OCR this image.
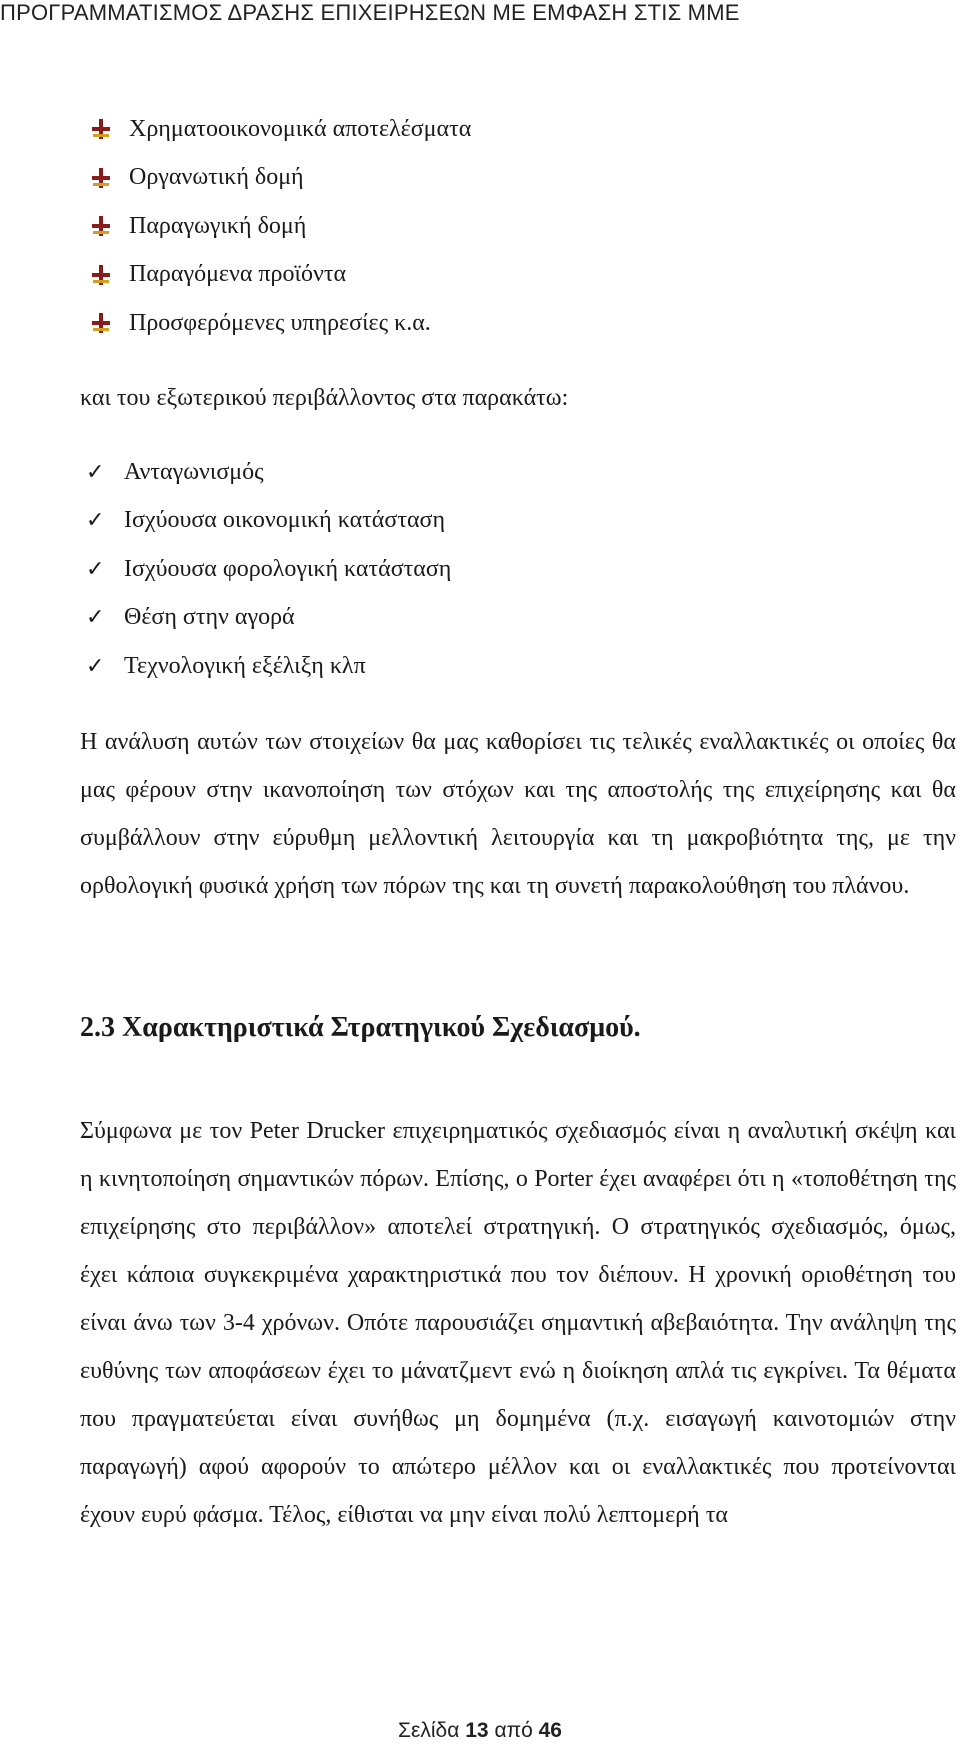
ΠΡΟΓΡΑΜΜΑΤΙΣΜΟΣ ΔΡΑΣΗΣ ΕΠΙΧΕΙΡΗΣΕΩΝ ΜΕ ΕΜΦΑΣΗ ΣΤΙΣ ΜΜΕ
Χρηματοοικονομικά αποτελέσματα
Οργανωτική δομή
Παραγωγική δομή
Παραγόμενα προϊόντα
Προσφερόμενες υπηρεσίες κ.α.

και του εξωτερικού περιβάλλοντος στα παρακάτω:

✓ Ανταγωνισμός
✓ Ισχύουσα οικονομική κατάσταση
✓ Ισχύουσα φορολογική κατάσταση
✓ Θέση στην αγορά
✓ Τεχνολογική εξέλιξη κλπ

Η ανάλυση αυτών των στοιχείων θα μας καθορίσει τις τελικές εναλλακτικές οι οποίες θα μας φέρουν στην ικανοποίηση των στόχων και της αποστολής της επιχείρησης και θα συμβάλλουν στην εύρυθμη μελλοντική λειτουργία και τη μακροβιότητα της, με την ορθολογική φυσικά χρήση των πόρων της και τη συνετή παρακολούθηση του πλάνου.

2.3 Χαρακτηριστικά Στρατηγικού Σχεδιασμού.

Σύμφωνα με τον Peter Drucker επιχειρηματικός σχεδιασμός είναι η αναλυτική σκέψη και η κινητοποίηση σημαντικών πόρων. Επίσης, ο Porter έχει αναφέρει ότι η «τοποθέτηση της επιχείρησης στο περιβάλλον» αποτελεί στρατηγική. Ο στρατηγικός σχεδιασμός, όμως, έχει κάποια συγκεκριμένα χαρακτηριστικά που τον διέπουν. Η χρονική οριοθέτηση του είναι άνω των 3-4 χρόνων. Οπότε παρουσιάζει σημαντική αβεβαιότητα. Την ανάληψη της ευθύνης των αποφάσεων έχει το μάνατζμεντ ενώ η διοίκηση απλά τις εγκρίνει. Τα θέματα που πραγματεύεται είναι συνήθως μη δομημένα (π.χ. εισαγωγή καινοτομιών στην παραγωγή) αφού αφορούν το απώτερο μέλλον και οι εναλλακτικές που προτείνονται έχουν ευρύ φάσμα. Τέλος, είθισται να μην είναι πολύ λεπτομερή τα

Σελίδα 13 από 46
